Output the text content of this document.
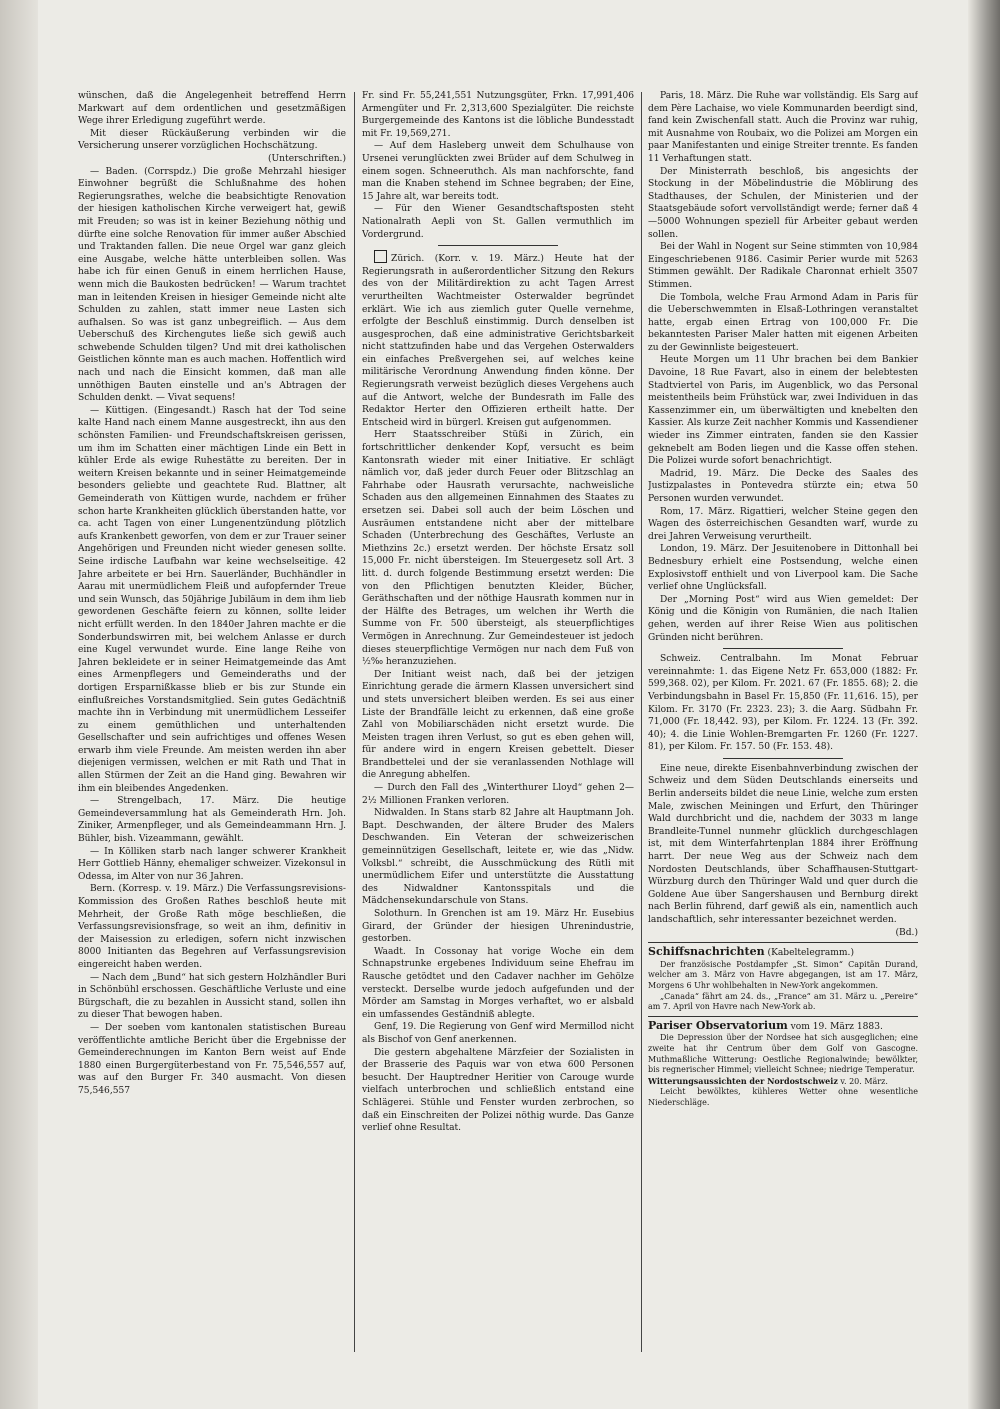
wünschen, daß die Angelegenheit betreffend Herrn Markwart auf dem ordentlichen und gesetzmäßigen Wege ihrer Erledigung zugeführt werde.

Mit dieser Rückäußerung verbinden wir die Versicherung unserer vorzüglichen Hochschätzung.

(Unterschriften.)

— Baden. (Corrspdz.) Die große Mehrzahl hiesiger Einwohner begrüßt die Schlußnahme des hohen Regierungsrathes, welche die beabsichtigte Renovation der hiesigen katholischen Kirche verweigert hat, gewiß mit Freuden; so was ist in keiner Beziehung nöthig und dürfte eine solche Renovation für immer außer Abschied und Traktanden fallen. Die neue Orgel war ganz gleich eine Ausgabe, welche hätte unterbleiben sollen. Was habe ich für einen Genuß in einem herrlichen Hause, wenn mich die Baukosten bedrücken! — Warum trachtet man in leitenden Kreisen in hiesiger Gemeinde nicht alte Schulden zu zahlen, statt immer neue Lasten sich aufhalsen. So was ist ganz unbegreiflich. — Aus dem Ueberschuß des Kirchengutes ließe sich gewiß auch schwebende Schulden tilgen? Und mit drei katholischen Geistlichen könnte man es auch machen. Hoffentlich wird nach und nach die Einsicht kommen, daß man alle unnöthigen Bauten einstelle und an's Abtragen der Schulden denkt. — Vivat sequens!

— Küttigen. (Eingesandt.) Rasch hat der Tod seine kalte Hand nach einem Manne ausgestreckt, ihn aus den schönsten Familien- und Freundschaftskreisen gerissen, um ihm im Schatten einer mächtigen Linde ein Bett in kühler Erde als ewige Ruhestätte zu bereiten. Der in weitern Kreisen bekannte und in seiner Heimatgemeinde besonders geliebte und geachtete Rud. Blattner, alt Gemeinderath von Küttigen wurde, nachdem er früher schon harte Krankheiten glücklich überstanden hatte, vor ca. acht Tagen von einer Lungenentzündung plötzlich aufs Krankenbett geworfen, von dem er zur Trauer seiner Angehörigen und Freunden nicht wieder genesen sollte. Seine irdische Laufbahn war keine wechselseitige. 42 Jahre arbeitete er bei Hrn. Sauerländer, Buchhändler in Aarau mit unermüdlichem Fleiß und aufopfernder Treue und sein Wunsch, das 50jährige Jubiläum in dem ihm lieb gewordenen Geschäfte feiern zu können, sollte leider nicht erfüllt werden. In den 1840er Jahren machte er die Sonderbundswirren mit, bei welchem Anlasse er durch eine Kugel verwundet wurde. Eine lange Reihe von Jahren bekleidete er in seiner Heimatgemeinde das Amt eines Armenpflegers und Gemeinderaths und der dortigen Ersparnißkasse blieb er bis zur Stunde ein einflußreiches Vorstandsmitglied. Sein gutes Gedächtniß machte ihn in Verbindung mit unermüdlichem Lesseifer zu einem gemüthlichen und unterhaltenden Gesellschafter und sein aufrichtiges und offenes Wesen erwarb ihm viele Freunde. Am meisten werden ihn aber diejenigen vermissen, welchen er mit Rath und That in allen Stürmen der Zeit an die Hand ging. Bewahren wir ihm ein bleibendes Angedenken.

— Strengelbach, 17. März. Die heutige Gemeindeversammlung hat als Gemeinderath Hrn. Joh. Ziniker, Armenpfleger, und als Gemeindeammann Hrn. J. Bühler, bish. Vizeammann, gewählt.

— In Kölliken starb nach langer schwerer Krankheit Herr Gottlieb Hänny, ehemaliger schweizer. Vizekonsul in Odessa, im Alter von nur 36 Jahren.

Bern. (Korresp. v. 19. März.) Die Verfassungsrevisions-Kommission des Großen Rathes beschloß heute mit Mehrheit, der Große Rath möge beschließen, die Verfassungsrevisionsfrage, so weit an ihm, definitiv in der Maisession zu erledigen, sofern nicht inzwischen 8000 Initianten das Begehren auf Verfassungsrevision eingereicht haben werden.

— Nach dem „Bund“ hat sich gestern Holzhändler Buri in Schönbühl erschossen. Geschäftliche Verluste und eine Bürgschaft, die zu bezahlen in Aussicht stand, sollen ihn zu dieser That bewogen haben.

— Der soeben vom kantonalen statistischen Bureau veröffentlichte amtliche Bericht über die Ergebnisse der Gemeinderechnungen im Kanton Bern weist auf Ende 1880 einen Burgergüterbestand von Fr. 75,546,557 auf, was auf den Burger Fr. 340 ausmacht. Von diesen 75,546,557

Fr. sind Fr. 55,241,551 Nutzungsgüter, Frkn. 17,991,406 Armengüter und Fr. 2,313,600 Spezialgüter. Die reichste Burgergemeinde des Kantons ist die löbliche Bundesstadt mit Fr. 19,569,271.

— Auf dem Hasleberg unweit dem Schulhause von Ursenei verunglückten zwei Brüder auf dem Schulweg in einem sogen. Schneeruthch. Als man nachforschte, fand man die Knaben stehend im Schnee begraben; der Eine, 15 Jahre alt, war bereits todt.

— Für den Wiener Gesandtschaftsposten steht Nationalrath Aepli von St. Gallen vermuthlich im Vordergrund.

Zürich. (Korr. v. 19. März.) Heute hat der Regierungsrath in außerordentlicher Sitzung den Rekurs des von der Militärdirektion zu acht Tagen Arrest verurtheilten Wachtmeister Osterwalder begründet erklärt. Wie ich aus ziemlich guter Quelle vernehme, erfolgte der Beschluß einstimmig. Durch denselben ist ausgesprochen, daß eine administrative Gerichtsbarkeit nicht stattzufinden habe und das Vergehen Osterwalders ein einfaches Preßvergehen sei, auf welches keine militärische Verordnung Anwendung finden könne. Der Regierungsrath verweist bezüglich dieses Vergehens auch auf die Antwort, welche der Bundesrath im Falle des Redaktor Herter den Offizieren ertheilt hatte. Der Entscheid wird in bürgerl. Kreisen gut aufgenommen.

Herr Staatsschreiber Stüßi in Zürich, ein fortschrittlicher denkender Kopf, versucht es beim Kantonsrath wieder mit einer Initiative. Er schlägt nämlich vor, daß jeder durch Feuer oder Blitzschlag an Fahrhabe oder Hausrath verursachte, nachweisliche Schaden aus den allgemeinen Einnahmen des Staates zu ersetzen sei. Dabei soll auch der beim Löschen und Ausräumen entstandene nicht aber der mittelbare Schaden (Unterbrechung des Geschäftes, Verluste an Miethzins 2c.) ersetzt werden. Der höchste Ersatz soll 15,000 Fr. nicht übersteigen. Im Steuergesetz soll Art. 3 litt. d. durch folgende Bestimmung ersetzt werden: Die von den Pflichtigen benutzten Kleider, Bücher, Geräthschaften und der nöthige Hausrath kommen nur in der Hälfte des Betrages, um welchen ihr Werth die Summe von Fr. 500 übersteigt, als steuerpflichtiges Vermögen in Anrechnung. Zur Gemeindesteuer ist jedoch dieses steuerpflichtige Vermögen nur nach dem Fuß von ½‰ heranzuziehen.

Der Initiant weist nach, daß bei der jetzigen Einrichtung gerade die ärmern Klassen unversichert sind und stets unversichert bleiben werden. Es sei aus einer Liste der Brandfälle leicht zu erkennen, daß eine große Zahl von Mobiliarschäden nicht ersetzt wurde. Die Meisten tragen ihren Verlust, so gut es eben gehen will, für andere wird in engern Kreisen gebettelt. Dieser Brandbettelei und der sie veranlassenden Nothlage will die Anregung abhelfen.

— Durch den Fall des „Winterthurer Lloyd“ gehen 2—2½ Millionen Franken verloren.

Nidwalden. In Stans starb 82 Jahre alt Hauptmann Joh. Bapt. Deschwanden, der ältere Bruder des Malers Deschwanden. Ein Veteran der schweizerischen gemeinnützigen Gesellschaft, leitete er, wie das „Nidw. Volksbl.“ schreibt, die Ausschmückung des Rütli mit unermüdlichem Eifer und unterstützte die Ausstattung des Nidwaldner Kantonsspitals und die Mädchensekundarschule von Stans.

Solothurn. In Grenchen ist am 19. März Hr. Eusebius Girard, der Gründer der hiesigen Uhrenindustrie, gestorben.

Waadt. In Cossonay hat vorige Woche ein dem Schnapstrunke ergebenes Individuum seine Ehefrau im Rausche getödtet und den Cadaver nachher im Gehölze versteckt. Derselbe wurde jedoch aufgefunden und der Mörder am Samstag in Morges verhaftet, wo er alsbald ein umfassendes Geständniß ablegte.

Genf, 19. Die Regierung von Genf wird Mermillod nicht als Bischof von Genf anerkennen.

Die gestern abgehaltene Märzfeier der Sozialisten in der Brasserie des Paquis war von etwa 600 Personen besucht. Der Hauptredner Heritier von Carouge wurde vielfach unterbrochen und schließlich entstand eine Schlägerei. Stühle und Fenster wurden zerbrochen, so daß ein Einschreiten der Polizei nöthig wurde. Das Ganze verlief ohne Resultat.

Paris, 18. März. Die Ruhe war vollständig. Els Sarg auf dem Père Lachaise, wo viele Kommunarden beerdigt sind, fand kein Zwischenfall statt. Auch die Provinz war ruhig, mit Ausnahme von Roubaix, wo die Polizei am Morgen ein paar Manifestanten und einige Streiter trennte. Es fanden 11 Verhaftungen statt.

Der Ministerrath beschloß, bis angesichts der Stockung in der Möbelindustrie die Möblirung des Stadthauses, der Schulen, der Ministerien und der Staatsgebäude sofort vervollständigt werde; ferner daß 4—5000 Wohnungen speziell für Arbeiter gebaut werden sollen.

Bei der Wahl in Nogent sur Seine stimmten von 10,984 Eingeschriebenen 9186. Casimir Perier wurde mit 5263 Stimmen gewählt. Der Radikale Charonnat erhielt 3507 Stimmen.

Die Tombola, welche Frau Armond Adam in Paris für die Ueberschwemmten in Elsaß-Lothringen veranstaltet hatte, ergab einen Ertrag von 100,000 Fr. Die bekanntesten Pariser Maler hatten mit eigenen Arbeiten zu der Gewinnliste beigesteuert.

Heute Morgen um 11 Uhr brachen bei dem Bankier Davoine, 18 Rue Favart, also in einem der belebtesten Stadtviertel von Paris, im Augenblick, wo das Personal meistentheils beim Frühstück war, zwei Individuen in das Kassenzimmer ein, um überwältigten und knebelten den Kassier. Als kurze Zeit nachher Kommis und Kassendiener wieder ins Zimmer eintraten, fanden sie den Kassier geknebelt am Boden liegen und die Kasse offen stehen. Die Polizei wurde sofort benachrichtigt.

Madrid, 19. März. Die Decke des Saales des Justizpalastes in Pontevedra stürzte ein; etwa 50 Personen wurden verwundet.

Rom, 17. März. Rigattieri, welcher Steine gegen den Wagen des österreichischen Gesandten warf, wurde zu drei Jahren Verweisung verurtheilt.

London, 19. März. Der Jesuitenobere in Dittonhall bei Bednesbury erhielt eine Postsendung, welche einen Explosivstoff enthielt und von Liverpool kam. Die Sache verlief ohne Unglücksfall.

Der „Morning Post“ wird aus Wien gemeldet: Der König und die Königin von Rumänien, die nach Italien gehen, werden auf ihrer Reise Wien aus politischen Gründen nicht berühren.

Schweiz. Centralbahn. Im Monat Februar vereinnahmte: 1. das Eigene Netz Fr. 653,000 (1882: Fr. 599,368. 02), per Kilom. Fr. 2021. 67 (Fr. 1855. 68); 2. die Verbindungsbahn in Basel Fr. 15,850 (Fr. 11,616. 15), per Kilom. Fr. 3170 (Fr. 2323. 23); 3. die Aarg. Südbahn Fr. 71,000 (Fr. 18,442. 93), per Kilom. Fr. 1224. 13 (Fr. 392. 40); 4. die Linie Wohlen-Bremgarten Fr. 1260 (Fr. 1227. 81), per Kilom. Fr. 157. 50 (Fr. 153. 48).

Eine neue, direkte Eisenbahnverbindung zwischen der Schweiz und dem Süden Deutschlands einerseits und Berlin anderseits bildet die neue Linie, welche zum ersten Male, zwischen Meiningen und Erfurt, den Thüringer Wald durchbricht und die, nachdem der 3033 m lange Brandleite-Tunnel nunmehr glücklich durchgeschlagen ist, mit dem Winterfahrtenplan 1884 ihrer Eröffnung harrt. Der neue Weg aus der Schweiz nach dem Nordosten Deutschlands, über Schaffhausen-Stuttgart-Würzburg durch den Thüringer Wald und quer durch die Goldene Aue über Sangershausen und Bernburg direkt nach Berlin führend, darf gewiß als ein, namentlich auch landschaftlich, sehr interessanter bezeichnet werden.

(Bd.)

Schiffsnachrichten (Kabeltelegramm.)

Der französische Postdampfer „St. Simon“ Capitän Durand, welcher am 3. März von Havre abgegangen, ist am 17. März, Morgens 6 Uhr wohlbehalten in New-York angekommen.

„Canada“ fährt am 24. ds., „France“ am 31. März u. „Pereire“ am 7. April von Havre nach New-York ab.

Pariser Observatorium vom 19. März 1883.

Die Depression über der Nordsee hat sich ausgeglichen; eine zweite hat ihr Centrum über dem Golf von Gascogne. Muthmaßliche Witterung: Oestliche Regionalwinde; bewölkter, bis regnerischer Himmel; vielleicht Schnee; niedrige Temperatur.

Witterungsaussichten der Nordostschweiz v. 20. März.

Leicht bewölktes, kühleres Wetter ohne wesentliche Niederschläge.
